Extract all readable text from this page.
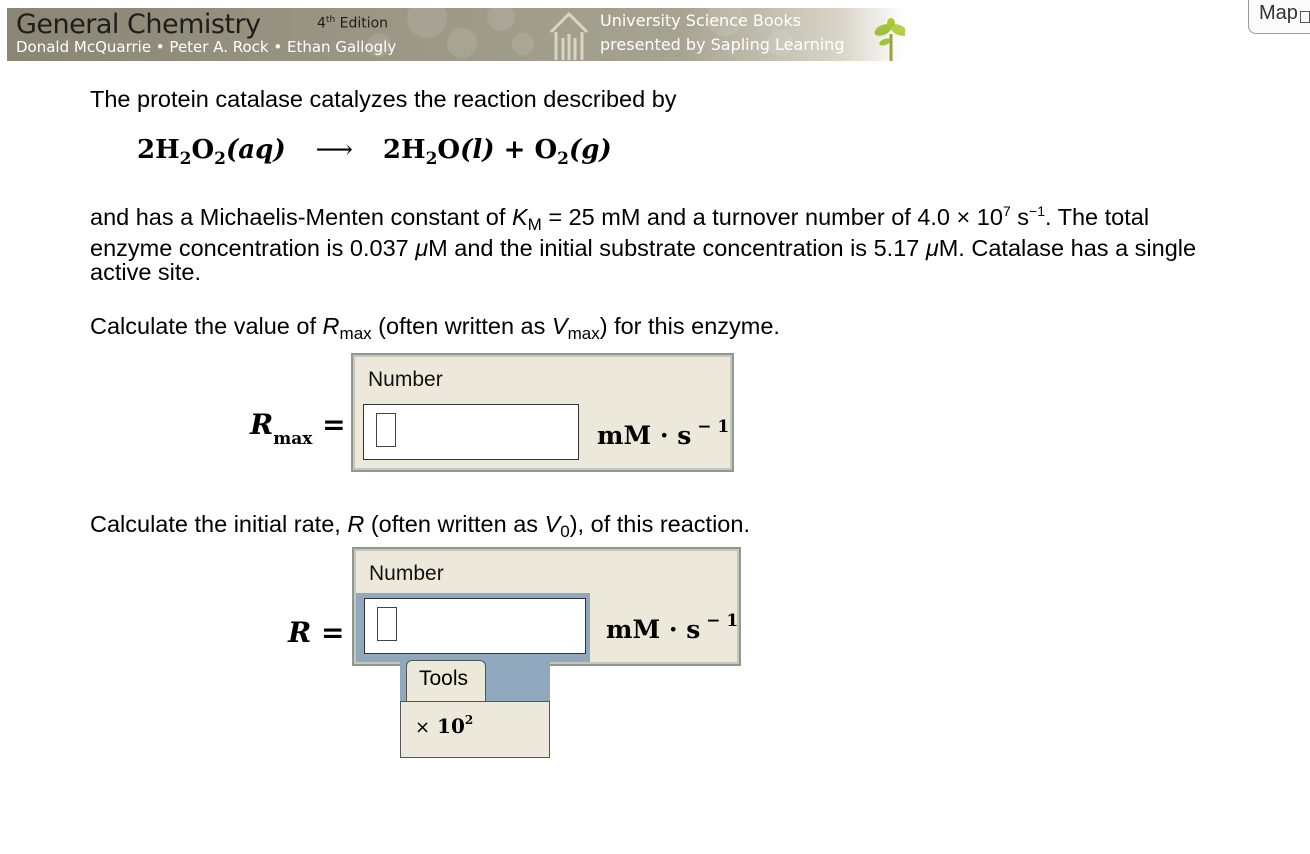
General Chemistry	4th Edition
Donald McQuarrie • Peter A. Rock • Ethan Gallogly
University Science Books
presented by Sapling Learning
Map
The protein catalase catalyzes the reaction described by
$2H_2O_2(aq)$ ⟶ $2H_2O(l) + O_2(g)$
and has a Michaelis-Menten constant of $K_M = 25$ mM and a turnover number of $4.0 \times 10^7$ $s^{-1}$. The total
enzyme concentration is 0.037 μM and the initial substrate concentration is 5.17 μM. Catalase has a single
active site.
Calculate the value of $R_{max}$ (often written as $V_{max}$) for this enzyme.
$R_{max}$ =
Number
mM · s $^{- 1}$
Calculate the initial rate, R (often written as $V_0$), of this reaction.
R =
Number
mM · s $^{- 1}$
Tools
× $10^2$
